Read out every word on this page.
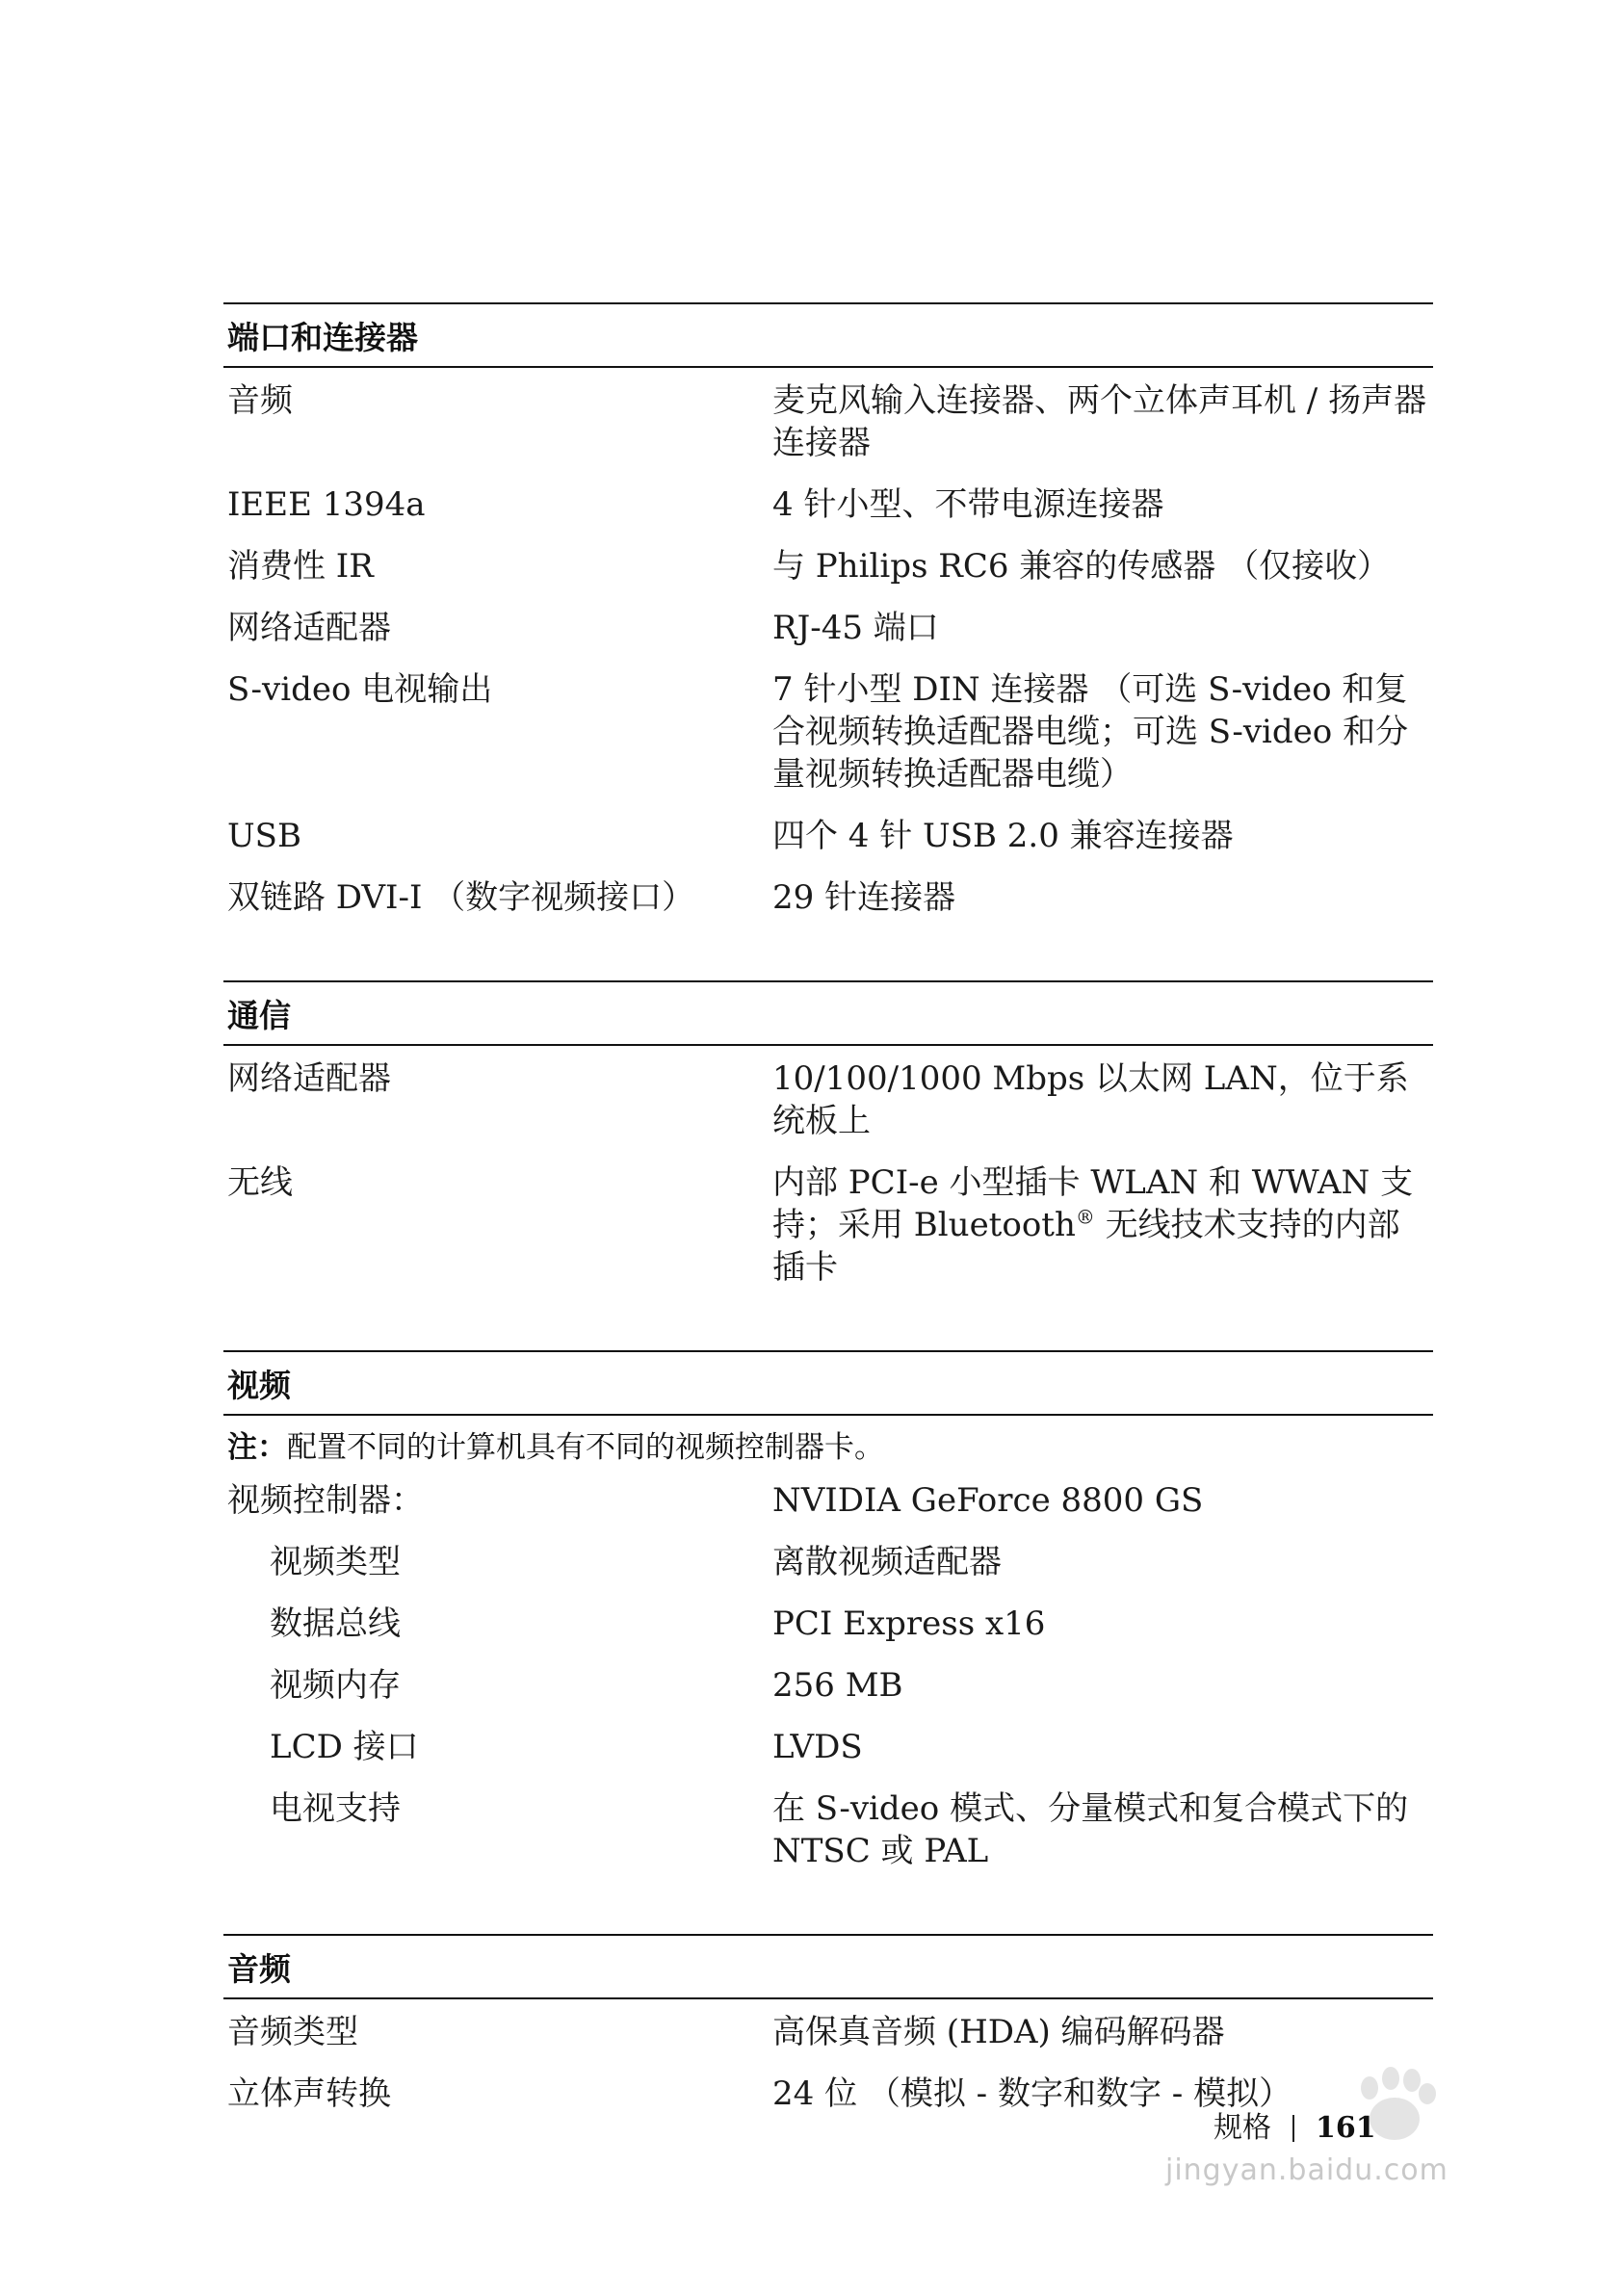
端口和连接器
音频	麦克风输入连接器、两个立体声耳机 / 扬声器连接器
IEEE 1394a	4 针小型、不带电源连接器
消费性 IR	与 Philips RC6 兼容的传感器 （仅接收）
网络适配器	RJ-45 端口
S-video 电视输出	7 针小型 DIN 连接器 （可选 S-video 和复合视频转换适配器电缆；可选 S-video 和分量视频转换适配器电缆）
USB	四个 4 针 USB 2.0 兼容连接器
双链路 DVI-I （数字视频接口）	29 针连接器
通信
网络适配器	10/100/1000 Mbps 以太网 LAN，位于系统板上
无线	内部 PCI-e 小型插卡 WLAN 和 WWAN 支持；采用 Bluetooth® 无线技术支持的内部插卡
视频
注：配置不同的计算机具有不同的视频控制器卡。
视频控制器：	NVIDIA GeForce 8800 GS
视频类型	离散视频适配器
数据总线	PCI Express x16
视频内存	256 MB
LCD 接口	LVDS
电视支持	在 S-video 模式、分量模式和复合模式下的 NTSC 或 PAL
音频
音频类型	高保真音频 (HDA) 编码解码器
立体声转换	24 位 （模拟 - 数字和数字 - 模拟）
jingyan.baidu.com
规格 161
